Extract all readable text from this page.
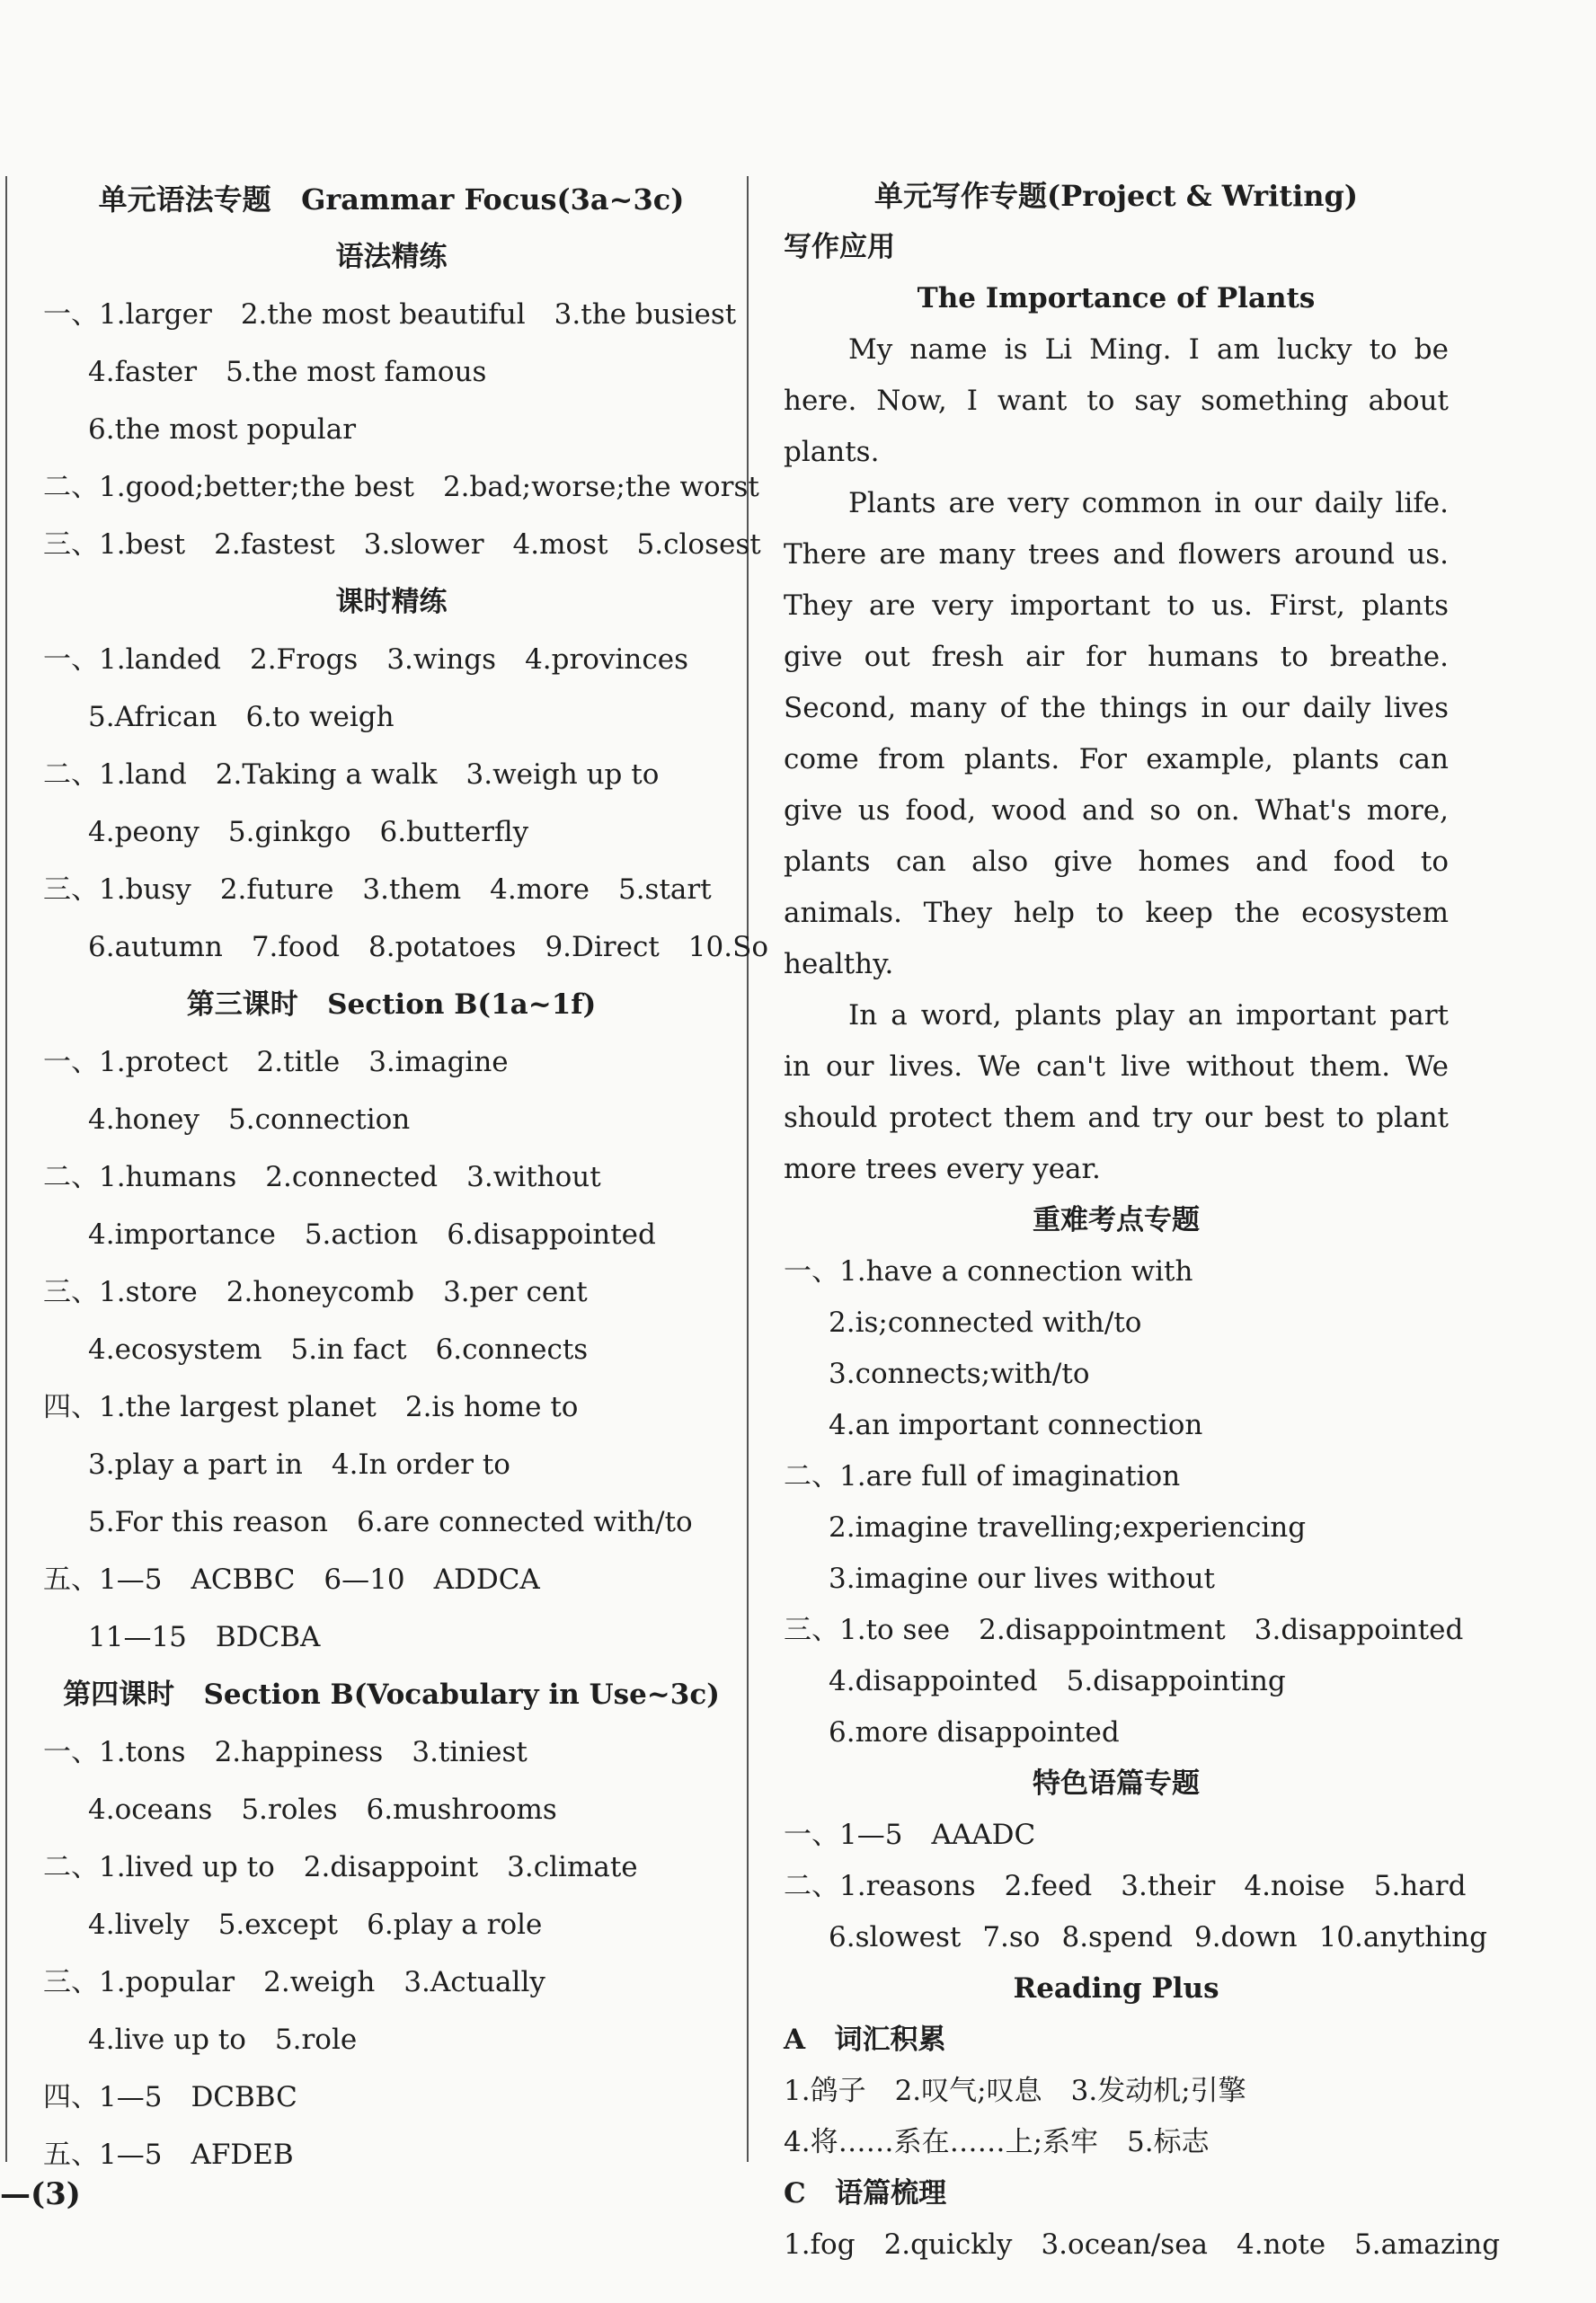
单元语法专题 Grammar Focus(3a~3c)
语法精练
一、1.larger 2.the most beautiful 3.the busiest
4.faster 5.the most famous
6.the most popular
二、1.good;better;the best 2.bad;worse;the worst
三、1.best 2.fastest 3.slower 4.most 5.closest
课时精练
一、1.landed 2.Frogs 3.wings 4.provinces
5.African 6.to weigh
二、1.land 2.Taking a walk 3.weigh up to
4.peony 5.ginkgo 6.butterfly
三、1.busy 2.future 3.them 4.more 5.start
6.autumn 7.food 8.potatoes 9.Direct 10.So
第三课时 Section B(1a~1f)
一、1.protect 2.title 3.imagine
4.honey 5.connection
二、1.humans 2.connected 3.without
4.importance 5.action 6.disappointed
三、1.store 2.honeycomb 3.per cent
4.ecosystem 5.in fact 6.connects
四、1.the largest planet 2.is home to
3.play a part in 4.In order to
5.For this reason 6.are connected with/to
五、1—5 ACBBC 6—10 ADDCA
11—15 BDCBA
第四课时 Section B(Vocabulary in Use~3c)
一、1.tons 2.happiness 3.tiniest
4.oceans 5.roles 6.mushrooms
二、1.lived up to 2.disappoint 3.climate
4.lively 5.except 6.play a role
三、1.popular 2.weigh 3.Actually
4.live up to 5.role
四、1—5 DCBBC
五、1—5 AFDEB
单元写作专题(Project & Writing)
写作应用
The Importance of Plants
My name is Li Ming. I am lucky to be here. Now, I want to say something about plants.
Plants are very common in our daily life. There are many trees and flowers around us. They are very important to us. First, plants give out fresh air for humans to breathe. Second, many of the things in our daily lives come from plants. For example, plants can give us food, wood and so on. What's more, plants can also give homes and food to animals. They help to keep the ecosystem healthy.
In a word, plants play an important part in our lives. We can't live without them. We should protect them and try our best to plant more trees every year.
重难考点专题
一、1.have a connection with
2.is;connected with/to
3.connects;with/to
4.an important connection
二、1.are full of imagination
2.imagine travelling;experiencing
3.imagine our lives without
三、1.to see 2.disappointment 3.disappointed
4.disappointed 5.disappointing
6.more disappointed
特色语篇专题
一、1—5 AAADC
二、1.reasons 2.feed 3.their 4.noise 5.hard
6.slowest 7.so 8.spend 9.down 10.anything
Reading Plus
A 词汇积累
1.鸽子 2.叹气;叹息 3.发动机;引擎
4.将……系在……上;系牢 5.标志
C 语篇梳理
1.fog 2.quickly 3.ocean/sea 4.note 5.amazing
—(3)
